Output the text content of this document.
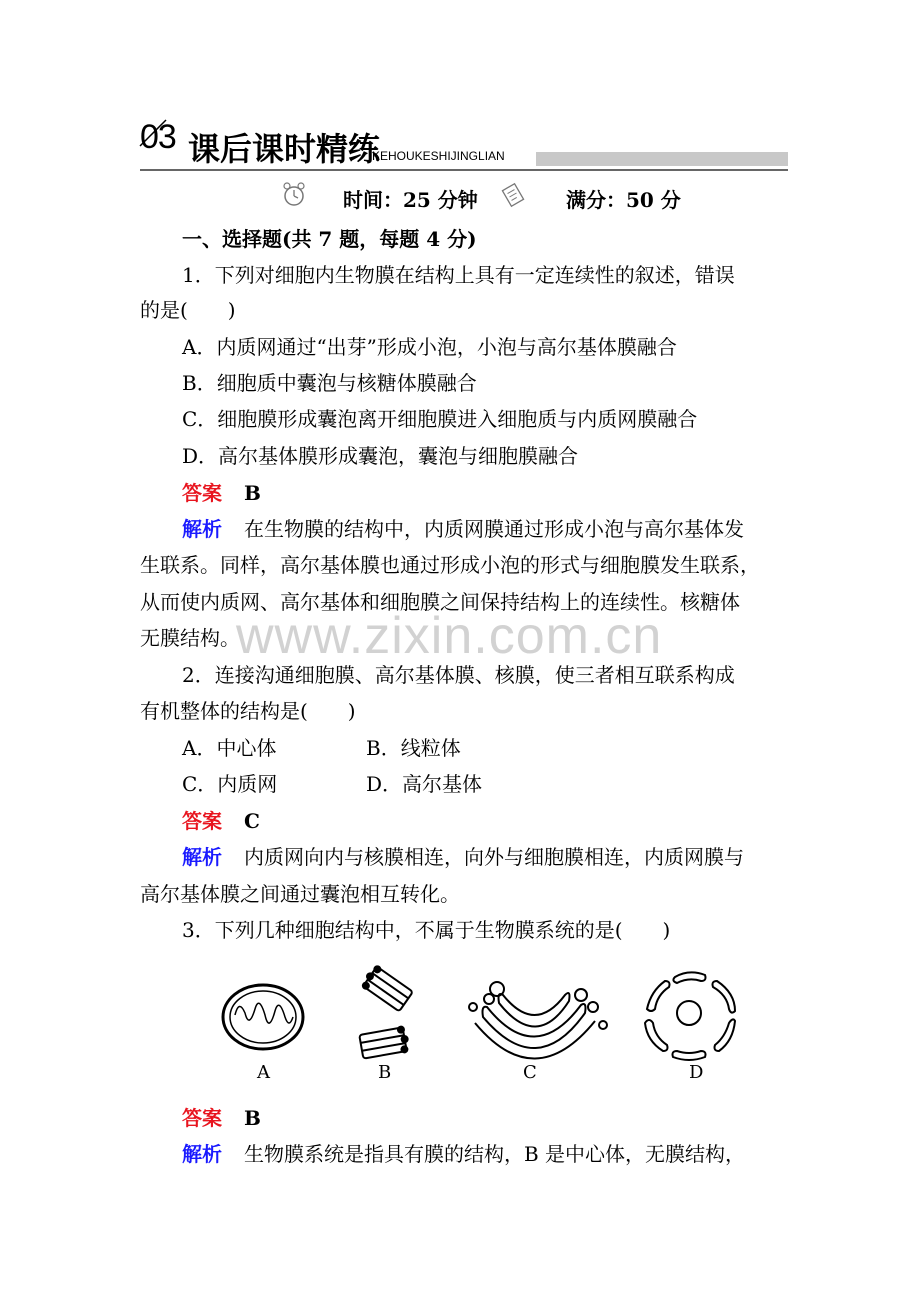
03 课后课时精练
KEHOUKESHIJINGLIAN
时间：25 分钟	满分：50 分
一、选择题(共 7 题，每题 4 分)
1．下列对细胞内生物膜在结构上具有一定连续性的叙述，错误
的是(　　)
A．内质网通过“出芽”形成小泡，小泡与高尔基体膜融合
B．细胞质中囊泡与核糖体膜融合
C．细胞膜形成囊泡离开细胞膜进入细胞质与内质网膜融合
D．高尔基体膜形成囊泡，囊泡与细胞膜融合
答案 B
解析 在生物膜的结构中，内质网膜通过形成小泡与高尔基体发
生联系。同样，高尔基体膜也通过形成小泡的形式与细胞膜发生联系，
从而使内质网、高尔基体和细胞膜之间保持结构上的连续性。核糖体
无膜结构。
www.zixin.com.cn
2．连接沟通细胞膜、高尔基体膜、核膜，使三者相互联系构成
有机整体的结构是(　　)
A．中心体	B．线粒体
C．内质网	D．高尔基体
答案 C
解析 内质网向内与核膜相连，向外与细胞膜相连，内质网膜与
高尔基体膜之间通过囊泡相互转化。
3．下列几种细胞结构中，不属于生物膜系统的是(　　)
A	B	C	D
答案 B
解析 生物膜系统是指具有膜的结构，B 是中心体，无膜结构，
